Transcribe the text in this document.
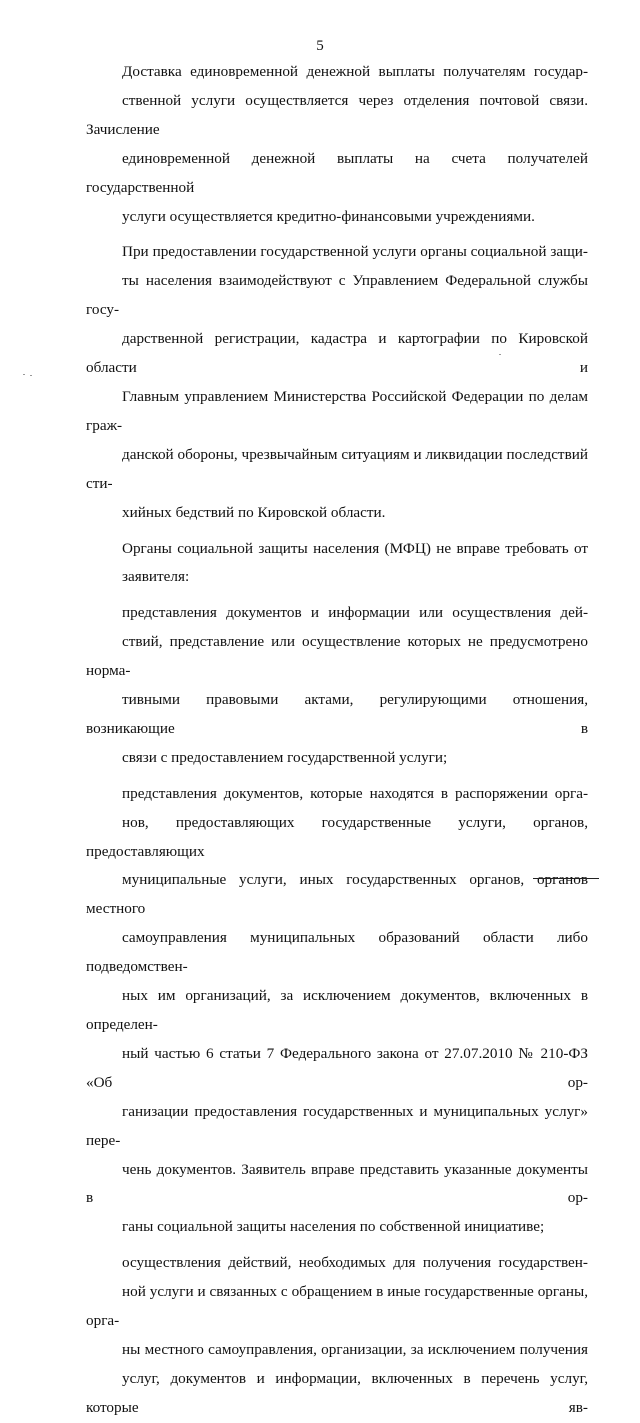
5

Доставка единовременной денежной выплаты получателям государ-
ственной услуги осуществляется через отделения почтовой связи. Зачисление
единовременной денежной выплаты на счета получателей государственной
услуги осуществляется кредитно-финансовыми учреждениями.

При предоставлении государственной услуги органы социальной защи-
ты населения взаимодействуют с Управлением Федеральной службы госу-
дарственной регистрации, кадастра и картографии по Кировской области и
Главным управлением Министерства Российской Федерации по делам граж-
данской обороны, чрезвычайным ситуациям и ликвидации последствий сти-
хийных бедствий по Кировской области.

Органы социальной защиты населения (МФЦ) не вправе требовать от
заявителя:

представления документов и информации или осуществления дей-
ствий, представление или осуществление которых не предусмотрено норма-
тивными правовыми актами, регулирующими отношения, возникающие в
связи с предоставлением государственной услуги;

представления документов, которые находятся в распоряжении орга-
нов, предоставляющих государственные услуги, органов, предоставляющих
муниципальные услуги, иных государственных органов, органов местного
самоуправления муниципальных образований области либо подведомствен-
ных им организаций, за исключением документов, включенных в определен-
ный частью 6 статьи 7 Федерального закона от 27.07.2010 № 210-ФЗ «Об ор-
ганизации предоставления государственных и муниципальных услуг» пере-
чень документов. Заявитель вправе представить указанные документы в ор-
ганы социальной защиты населения по собственной инициативе;

осуществления действий, необходимых для получения государствен-
ной услуги и связанных с обращением в иные государственные органы, орга-
ны местного самоуправления, организации, за исключением получения
услуг, документов и информации, включенных в перечень услуг, которые яв-
